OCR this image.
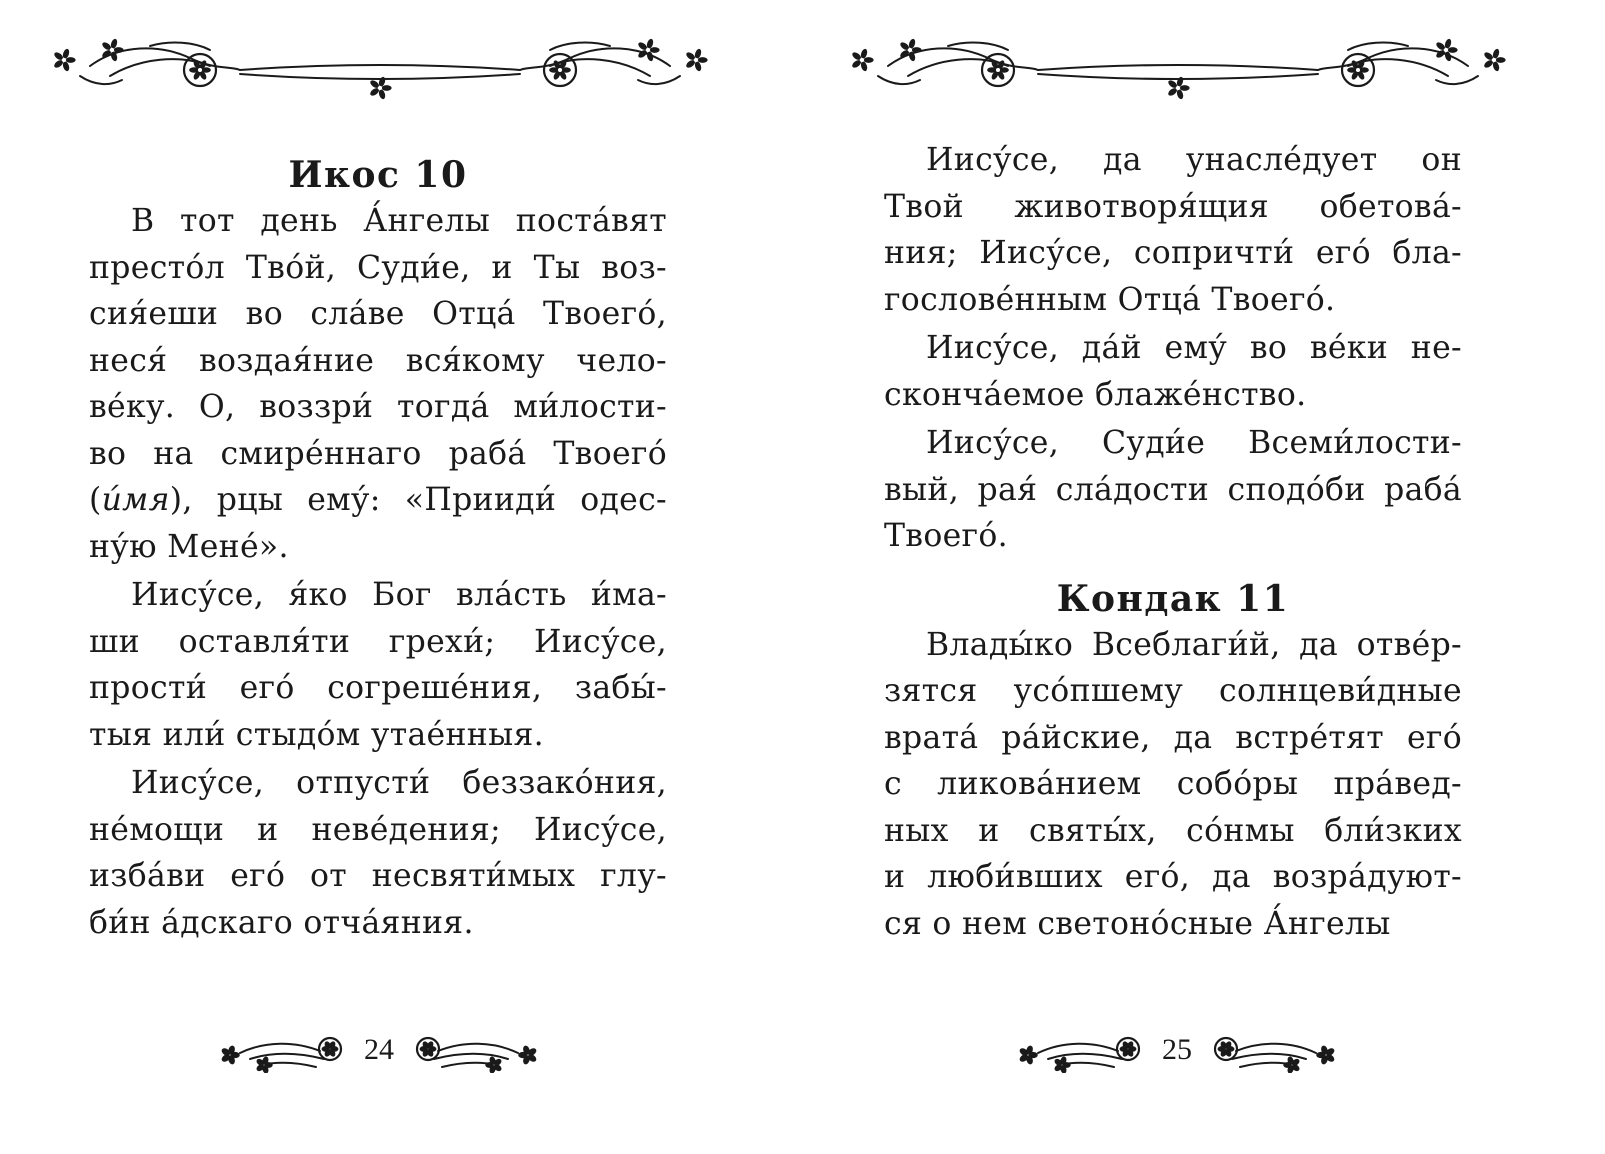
Икос 10

В тот день А́нгелы поста́вят
престо́л Тво́й, Суди́е, и Ты воз-
сия́еши во сла́ве Отца́ Твоего́,
неся́ воздая́ние вся́кому чело-
ве́ку. О, воззри́ тогда́ ми́лости-
во на смире́ннаго раба́ Твоего́
(и́мя), рцы ему́: «Прииди́ одес-
ну́ю Мене́».

Иису́се, я́ко Бог вла́сть и́ма-
ши оставля́ти грехи́; Иису́се,
прости́ его́ согреше́ния, забы́-
тыя или́ стыдо́м утае́нныя.

Иису́се, отпусти́ беззако́ния,
не́мощи и неве́дения; Иису́се,
изба́ви его́ от несвяти́мых глу-
би́н а́дскаго отча́яния.

24

Иису́се, да унасле́дует он
Твой животворя́щия обетова́-
ния; Иису́се, сопричти́ его́ бла-
гослове́нным Отца́ Твоего́.

Иису́се, да́й ему́ во ве́ки не-
сконча́емое блаже́нство.

Иису́се, Суди́е Всеми́лости-
вый, рая́ сла́дости сподо́би раба́
Твоего́.

Кондак 11

Влады́ко Всеблаги́й, да отве́р-
зятся усо́пшему солнцеви́дные
врата́ ра́йские, да встре́тят его́
с ликова́нием собо́ры пра́вед-
ных и святы́х, со́нмы бли́зких
и люби́вших его́, да возра́дуют-
ся о нем светоно́сные А́нгелы

25
